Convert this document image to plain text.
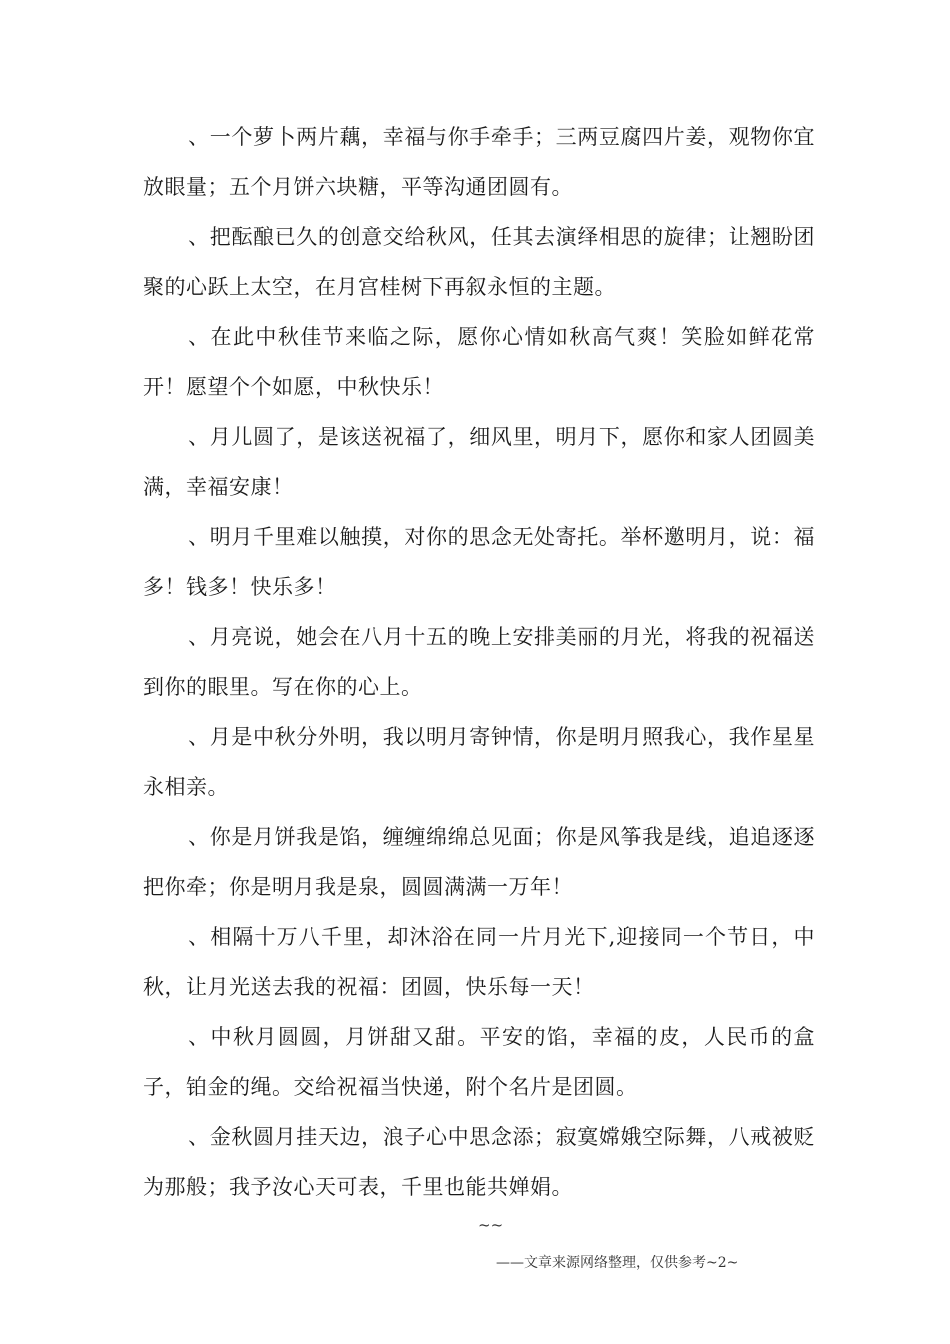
、一个萝卜两片藕，幸福与你手牵手；三两豆腐四片姜，观物你宜放眼量；五个月饼六块糖，平等沟通团圆有。

、把酝酿已久的创意交给秋风，任其去演绎相思的旋律；让翘盼团聚的心跃上太空，在月宫桂树下再叙永恒的主题。

、在此中秋佳节来临之际，愿你心情如秋高气爽！笑脸如鲜花常开！愿望个个如愿，中秋快乐！

、月儿圆了，是该送祝福了，细风里，明月下，愿你和家人团圆美满，幸福安康！

、明月千里难以触摸，对你的思念无处寄托。举杯邀明月，说：福多！钱多！快乐多！

、月亮说，她会在八月十五的晚上安排美丽的月光，将我的祝福送到你的眼里。写在你的心上。

、月是中秋分外明，我以明月寄钟情，你是明月照我心，我作星星永相亲。

、你是月饼我是馅，缠缠绵绵总见面；你是风筝我是线，追追逐逐把你牵；你是明月我是泉，圆圆满满一万年！

、相隔十万八千里，却沐浴在同一片月光下,迎接同一个节日，中秋，让月光送去我的祝福：团圆，快乐每一天！

、中秋月圆圆，月饼甜又甜。平安的馅，幸福的皮，人民币的盒子，铂金的绳。交给祝福当快递，附个名片是团圆。

、金秋圆月挂天边，浪子心中思念添；寂寞嫦娥空际舞，八戒被贬为那般；我予汝心天可表，千里也能共婵娟。

~~
——文章来源网络整理，仅供参考~2~
